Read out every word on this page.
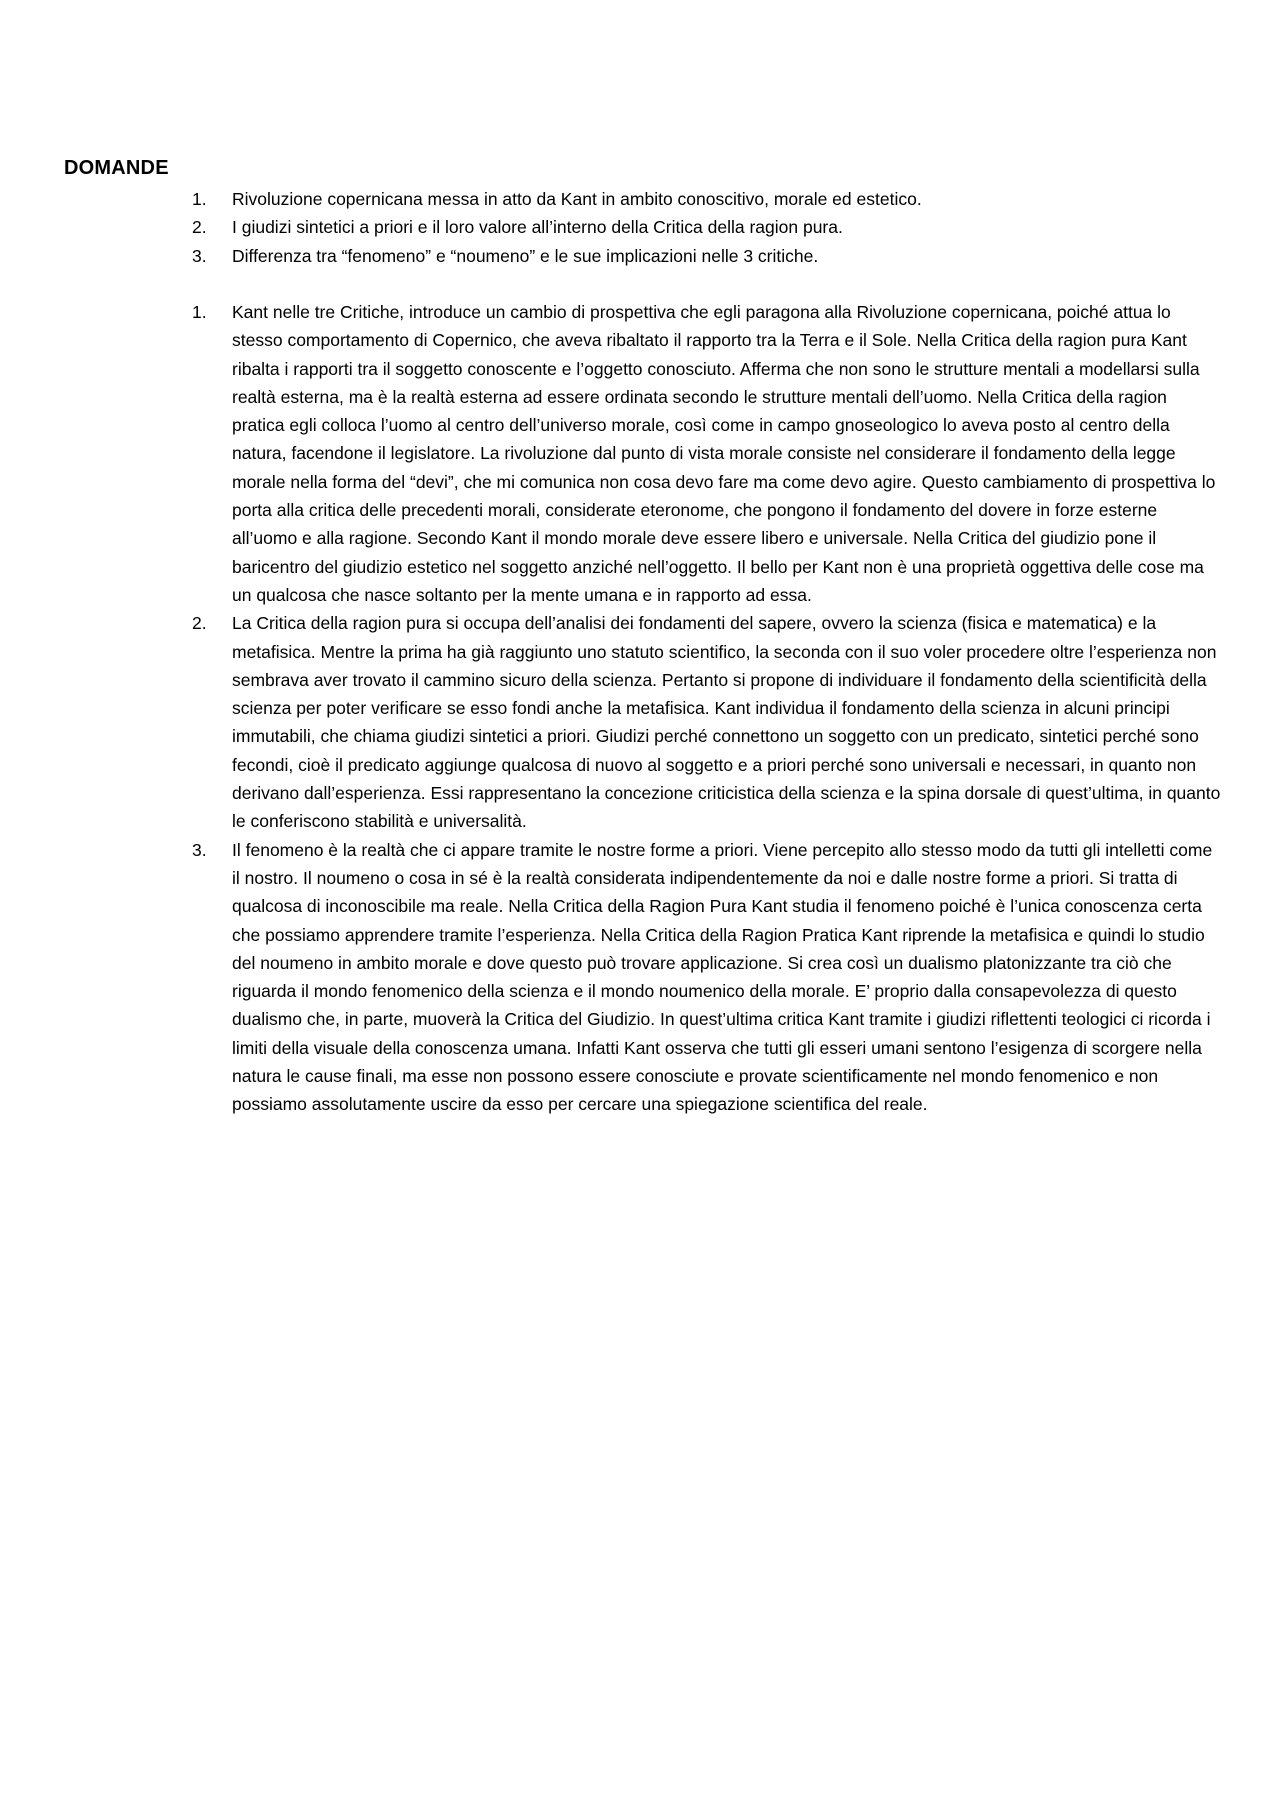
DOMANDE
1. Rivoluzione copernicana messa in atto da Kant in ambito conoscitivo, morale ed estetico.
2. I giudizi sintetici a priori e il loro valore all’interno della Critica della ragion pura.
3. Differenza tra “fenomeno” e “noumeno” e le sue implicazioni nelle 3 critiche.
1. Kant nelle tre Critiche, introduce un cambio di prospettiva che egli paragona alla Rivoluzione copernicana, poiché attua lo stesso comportamento di Copernico, che aveva ribaltato il rapporto tra la Terra e il Sole. Nella Critica della ragion pura Kant ribalta i rapporti tra il soggetto conoscente e l’oggetto conosciuto. Afferma che non sono le strutture mentali a modellarsi sulla realtà esterna, ma è la realtà esterna ad essere ordinata secondo le strutture mentali dell’uomo. Nella Critica della ragion pratica egli colloca l’uomo al centro dell’universo morale, così come in campo gnoseologico lo aveva posto al centro della natura, facendone il legislatore. La rivoluzione dal punto di vista morale consiste nel considerare il fondamento della legge morale nella forma del “devi”, che mi comunica non cosa devo fare ma come devo agire. Questo cambiamento di prospettiva lo porta alla critica delle precedenti morali, considerate eteronome, che pongono il fondamento del dovere in forze esterne all’uomo e alla ragione. Secondo Kant il mondo morale deve essere libero e universale. Nella Critica del giudizio pone il baricentro del giudizio estetico nel soggetto anziché nell’oggetto. Il bello per Kant non è una proprietà oggettiva delle cose ma un qualcosa che nasce soltanto per la mente umana e in rapporto ad essa.
2. La Critica della ragion pura si occupa dell’analisi dei fondamenti del sapere, ovvero la scienza (fisica e matematica) e la metafisica. Mentre la prima ha già raggiunto uno statuto scientifico, la seconda con il suo voler procedere oltre l’esperienza non sembrava aver trovato il cammino sicuro della scienza. Pertanto si propone di individuare il fondamento della scientificità della scienza per poter verificare se esso fondi anche la metafisica. Kant individua il fondamento della scienza in alcuni principi immutabili, che chiama giudizi sintetici a priori. Giudizi perché connettono un soggetto con un predicato, sintetici perché sono fecondi, cioè il predicato aggiunge qualcosa di nuovo al soggetto e a priori perché sono universali e necessari, in quanto non derivano dall’esperienza. Essi rappresentano la concezione criticistica della scienza e la spina dorsale di quest’ultima, in quanto le conferiscono stabilità e universalità.
3. Il fenomeno è la realtà che ci appare tramite le nostre forme a priori. Viene percepito allo stesso modo da tutti gli intelletti come il nostro. Il noumeno o cosa in sé è la realtà considerata indipendentemente da noi e dalle nostre forme a priori. Si tratta di qualcosa di inconoscibile ma reale. Nella Critica della Ragion Pura Kant studia il fenomeno poiché è l’unica conoscenza certa che possiamo apprendere tramite l’esperienza. Nella Critica della Ragion Pratica Kant riprende la metafisica e quindi lo studio del noumeno in ambito morale e dove questo può trovare applicazione. Si crea così un dualismo platonizzante tra ciò che riguarda il mondo fenomenico della scienza e il mondo noumenico della morale. E’ proprio dalla consapevolezza di questo dualismo che, in parte, muoverà la Critica del Giudizio. In quest’ultima critica Kant tramite i giudizi riflettenti teologici ci ricorda i limiti della visuale della conoscenza umana. Infatti Kant osserva che tutti gli esseri umani sentono l’esigenza di scorgere nella natura le cause finali, ma esse non possono essere conosciute e provate scientificamente nel mondo fenomenico e non possiamo assolutamente uscire da esso per cercare una spiegazione scientifica del reale.
